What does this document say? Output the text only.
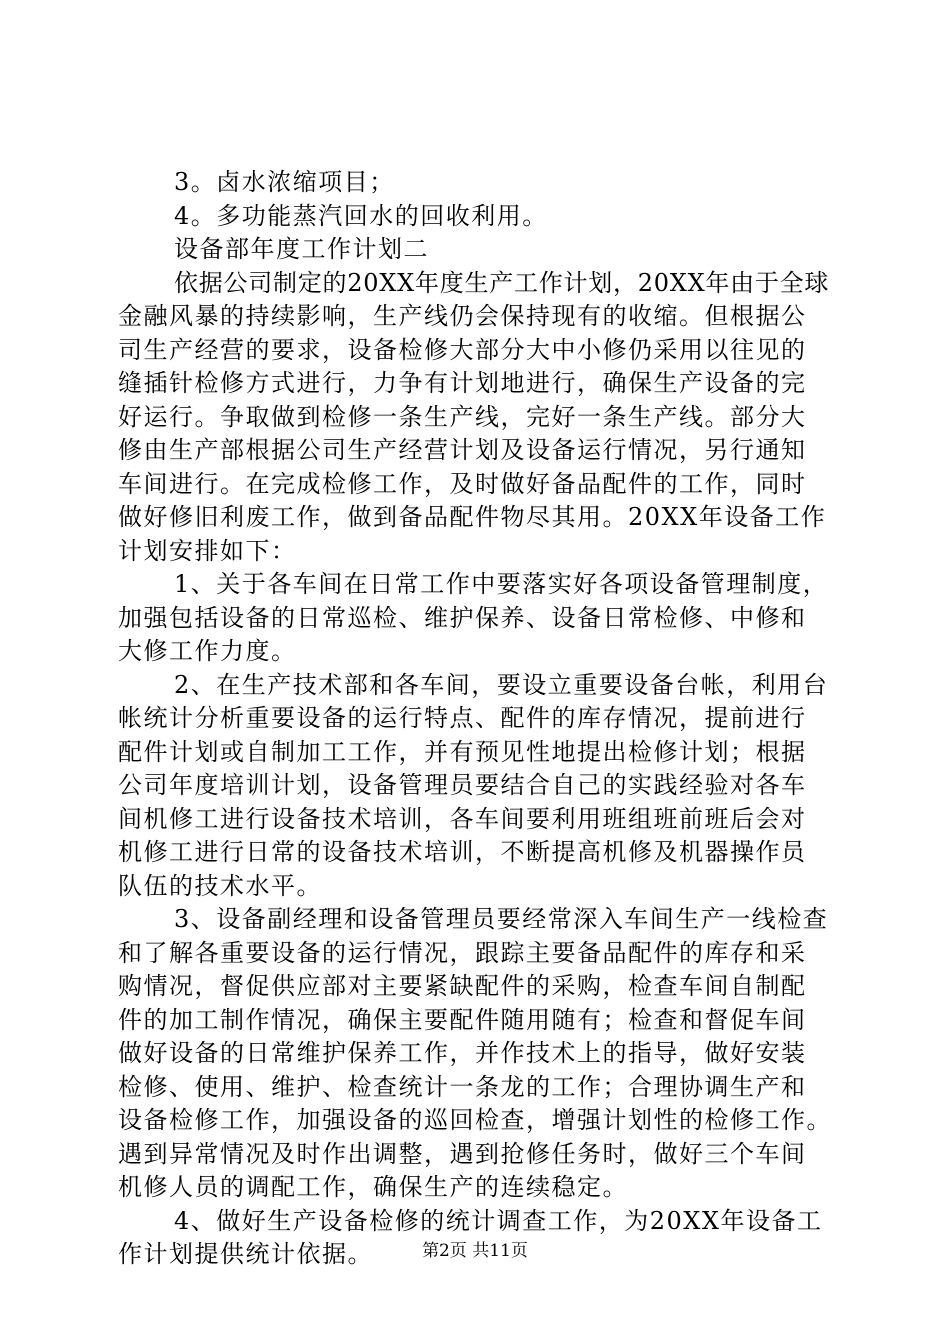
3。卤水浓缩项目；
4。多功能蒸汽回水的回收利用。
设备部年度工作计划二
依据公司制定的20XX年度生产工作计划，20XX年由于全球
金融风暴的持续影响，生产线仍会保持现有的收缩。但根据公
司生产经营的要求，设备检修大部分大中小修仍采用以往见的
缝插针检修方式进行，力争有计划地进行，确保生产设备的完
好运行。争取做到检修一条生产线，完好一条生产线。部分大
修由生产部根据公司生产经营计划及设备运行情况，另行通知
车间进行。在完成检修工作，及时做好备品配件的工作，同时
做好修旧利废工作，做到备品配件物尽其用。20XX年设备工作
计划安排如下：
1、关于各车间在日常工作中要落实好各项设备管理制度，
加强包括设备的日常巡检、维护保养、设备日常检修、中修和
大修工作力度。
2、在生产技术部和各车间，要设立重要设备台帐，利用台
帐统计分析重要设备的运行特点、配件的库存情况，提前进行
配件计划或自制加工工作，并有预见性地提出检修计划；根据
公司年度培训计划，设备管理员要结合自己的实践经验对各车
间机修工进行设备技术培训，各车间要利用班组班前班后会对
机修工进行日常的设备技术培训，不断提高机修及机器操作员
队伍的技术水平。
3、设备副经理和设备管理员要经常深入车间生产一线检查
和了解各重要设备的运行情况，跟踪主要备品配件的库存和采
购情况，督促供应部对主要紧缺配件的采购，检查车间自制配
件的加工制作情况，确保主要配件随用随有；检查和督促车间
做好设备的日常维护保养工作，并作技术上的指导，做好安装
检修、使用、维护、检查统计一条龙的工作；合理协调生产和
设备检修工作，加强设备的巡回检查，增强计划性的检修工作。
遇到异常情况及时作出调整，遇到抢修任务时，做好三个车间
机修人员的调配工作，确保生产的连续稳定。
4、做好生产设备检修的统计调查工作，为20XX年设备工
作计划提供统计依据。	第2页 共11页
